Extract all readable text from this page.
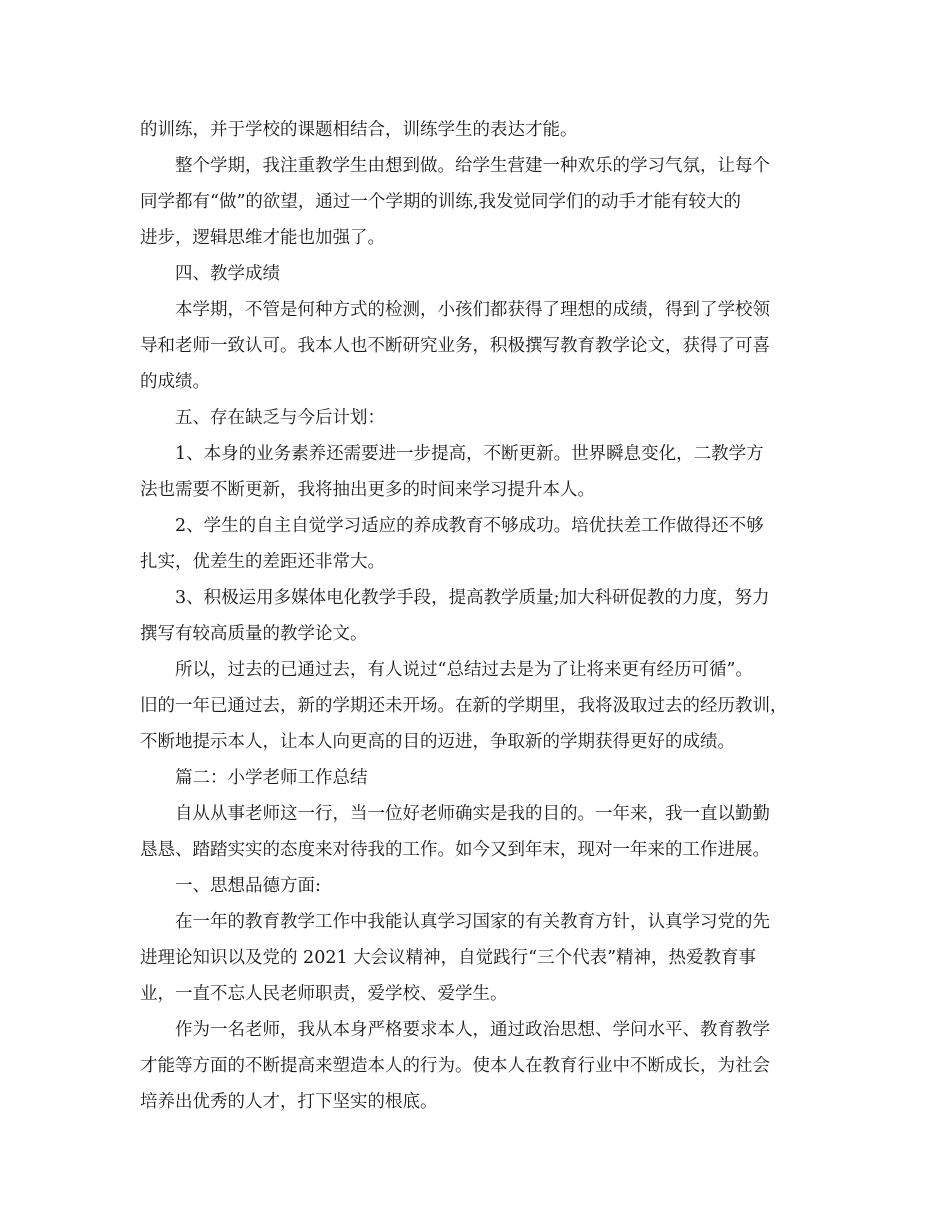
的训练，并于学校的课题相结合，训练学生的表达才能。
整个学期，我注重教学生由想到做。给学生营建一种欢乐的学习气氛，让每个
同学都有“做”的欲望，通过一个学期的训练,我发觉同学们的动手才能有较大的
进步，逻辑思维才能也加强了。
四、教学成绩
本学期，不管是何种方式的检测，小孩们都获得了理想的成绩，得到了学校领
导和老师一致认可。我本人也不断研究业务，积极撰写教育教学论文，获得了可喜
的成绩。
五、存在缺乏与今后计划：
1、本身的业务素养还需要进一步提高，不断更新。世界瞬息变化，二教学方
法也需要不断更新，我将抽出更多的时间来学习提升本人。
2、学生的自主自觉学习适应的养成教育不够成功。培优扶差工作做得还不够
扎实，优差生的差距还非常大。
3、积极运用多媒体电化教学手段，提高教学质量;加大科研促教的力度，努力
撰写有较高质量的教学论文。
所以，过去的已通过去，有人说过“总结过去是为了让将来更有经历可循”。
旧的一年已通过去，新的学期还未开场。在新的学期里，我将汲取过去的经历教训，
不断地提示本人，让本人向更高的目的迈进，争取新的学期获得更好的成绩。
篇二：小学老师工作总结
自从从事老师这一行，当一位好老师确实是我的目的。一年来，我一直以勤勤
恳恳、踏踏实实的态度来对待我的工作。如今又到年末，现对一年来的工作进展。
一、思想品德方面:
在一年的教育教学工作中我能认真学习国家的有关教育方针，认真学习党的先
进理论知识以及党的 2021 大会议精神，自觉践行“三个代表”精神，热爱教育事
业，一直不忘人民老师职责，爱学校、爱学生。
作为一名老师，我从本身严格要求本人，通过政治思想、学问水平、教育教学
才能等方面的不断提高来塑造本人的行为。使本人在教育行业中不断成长，为社会
培养出优秀的人才，打下坚实的根底。
